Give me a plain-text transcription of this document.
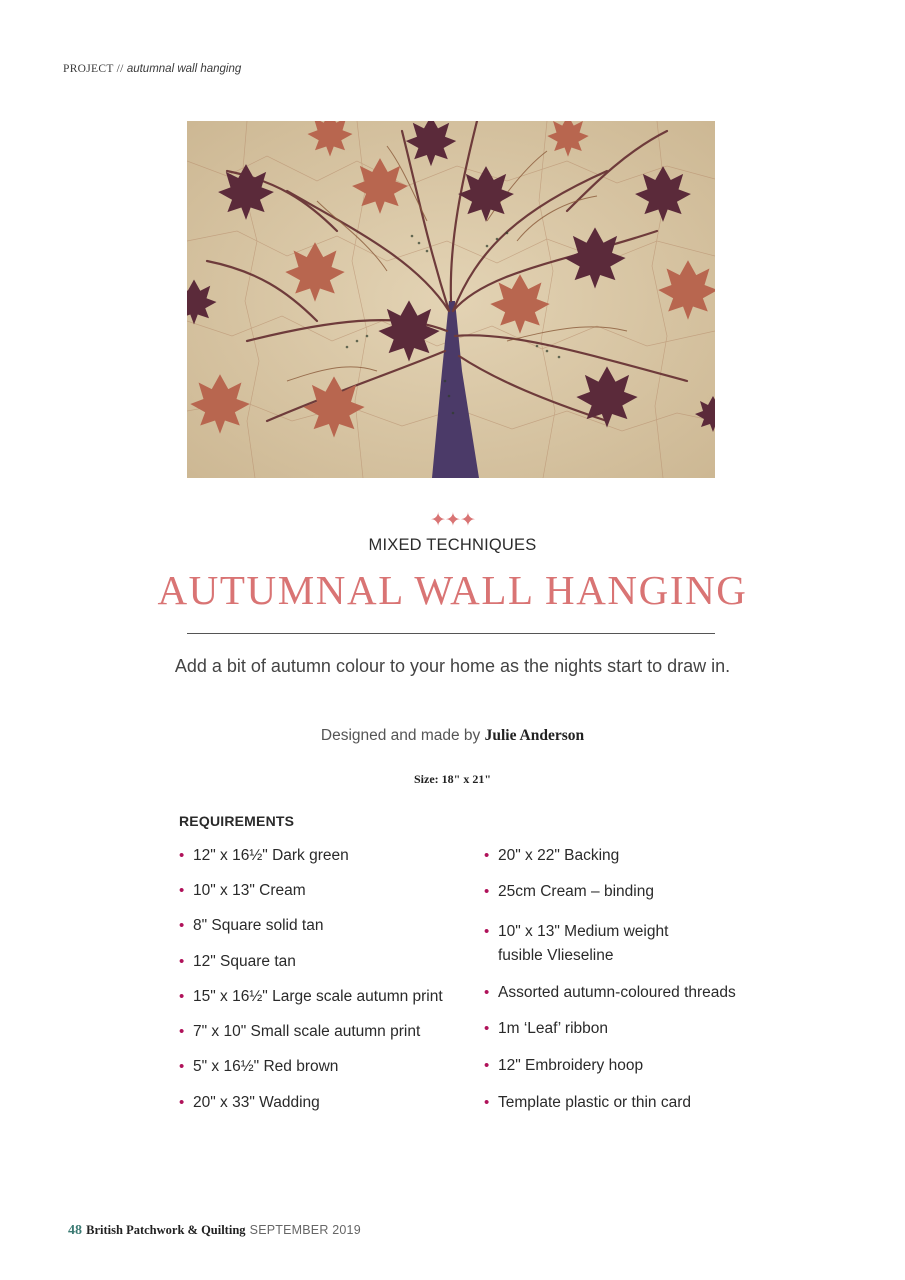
PROJECT // autumnal wall hanging
✦✦✦
MIXED TECHNIQUES
AUTUMNAL WALL HANGING
Add a bit of autumn colour to your home as the nights start to draw in.
Designed and made by Julie Anderson
Size: 18" x 21"
REQUIREMENTS
• 12" x 16½" Dark green
• 10" x 13" Cream
• 8" Square solid tan
• 12" Square tan
• 15" x 16½" Large scale autumn print
• 7" x 10" Small scale autumn print
• 5" x 16½" Red brown
• 20" x 33" Wadding
• 20" x 22" Backing
• 25cm Cream – binding
• 10" x 13" Medium weight
fusible Vlieseline
• Assorted autumn-coloured threads
• 1m ‘Leaf’ ribbon
• 12" Embroidery hoop
• Template plastic or thin card
48 British Patchwork & Quilting SEPTEMBER 2019
